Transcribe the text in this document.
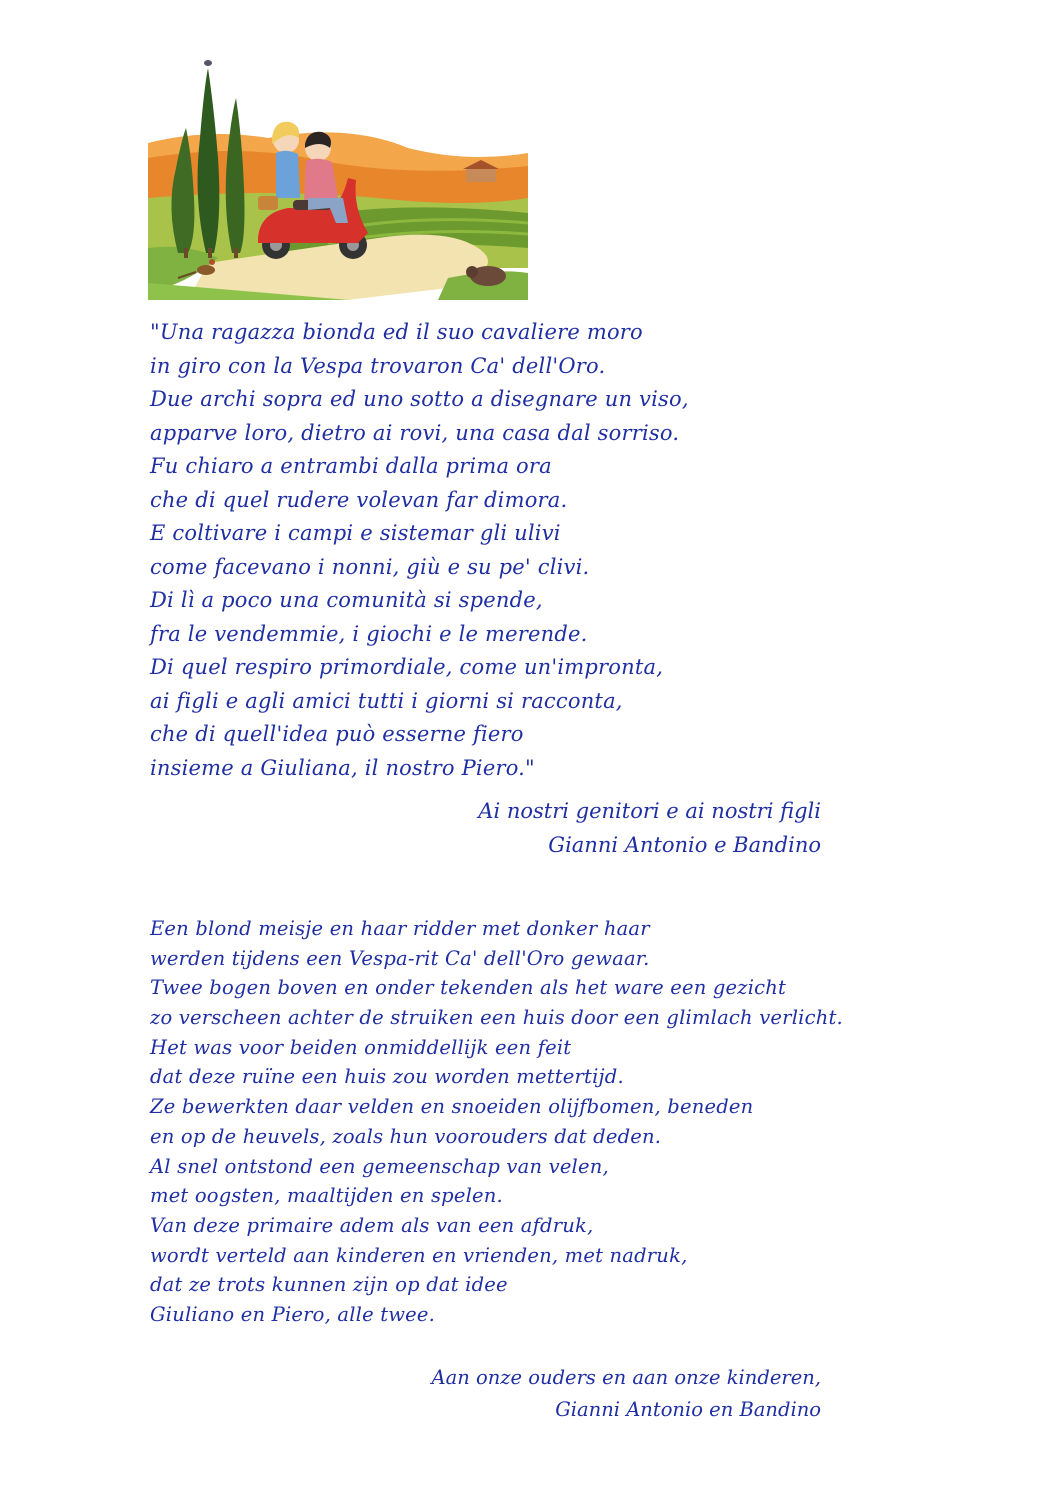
"Una ragazza bionda ed il suo cavaliere moro
in giro con la Vespa trovaron Ca' dell'Oro.
Due archi sopra ed uno sotto a disegnare un viso,
apparve loro, dietro ai rovi, una casa dal sorriso.
Fu chiaro a entrambi dalla prima ora
che di quel rudere volevan far dimora.
E coltivare i campi e sistemar gli ulivi
come facevano i nonni, giù e su pe' clivi.
Di lì a poco una comunità si spende,
fra le vendemmie, i giochi e le merende.
Di quel respiro primordiale, come un'impronta,
ai figli e agli amici tutti i giorni si racconta,
che di quell'idea può esserne fiero
insieme a Giuliana, il nostro Piero."
Ai nostri genitori e ai nostri figli
Gianni Antonio e Bandino
Een blond meisje en haar ridder met donker haar
werden tijdens een Vespa-rit Ca' dell'Oro gewaar.
Twee bogen boven en onder tekenden als het ware een gezicht
zo verscheen achter de struiken een huis door een glimlach verlicht.
Het was voor beiden onmiddellijk een feit
dat deze ruïne een huis zou worden mettertijd.
Ze bewerkten daar velden en snoeiden olijfbomen, beneden
en op de heuvels, zoals hun voorouders dat deden.
Al snel ontstond een gemeenschap van velen,
met oogsten, maaltijden en spelen.
Van deze primaire adem als van een afdruk,
wordt verteld aan kinderen en vrienden, met nadruk,
dat ze trots kunnen zijn op dat idee
Giuliano en Piero, alle twee.
Aan onze ouders en aan onze kinderen,
Gianni Antonio en Bandino
